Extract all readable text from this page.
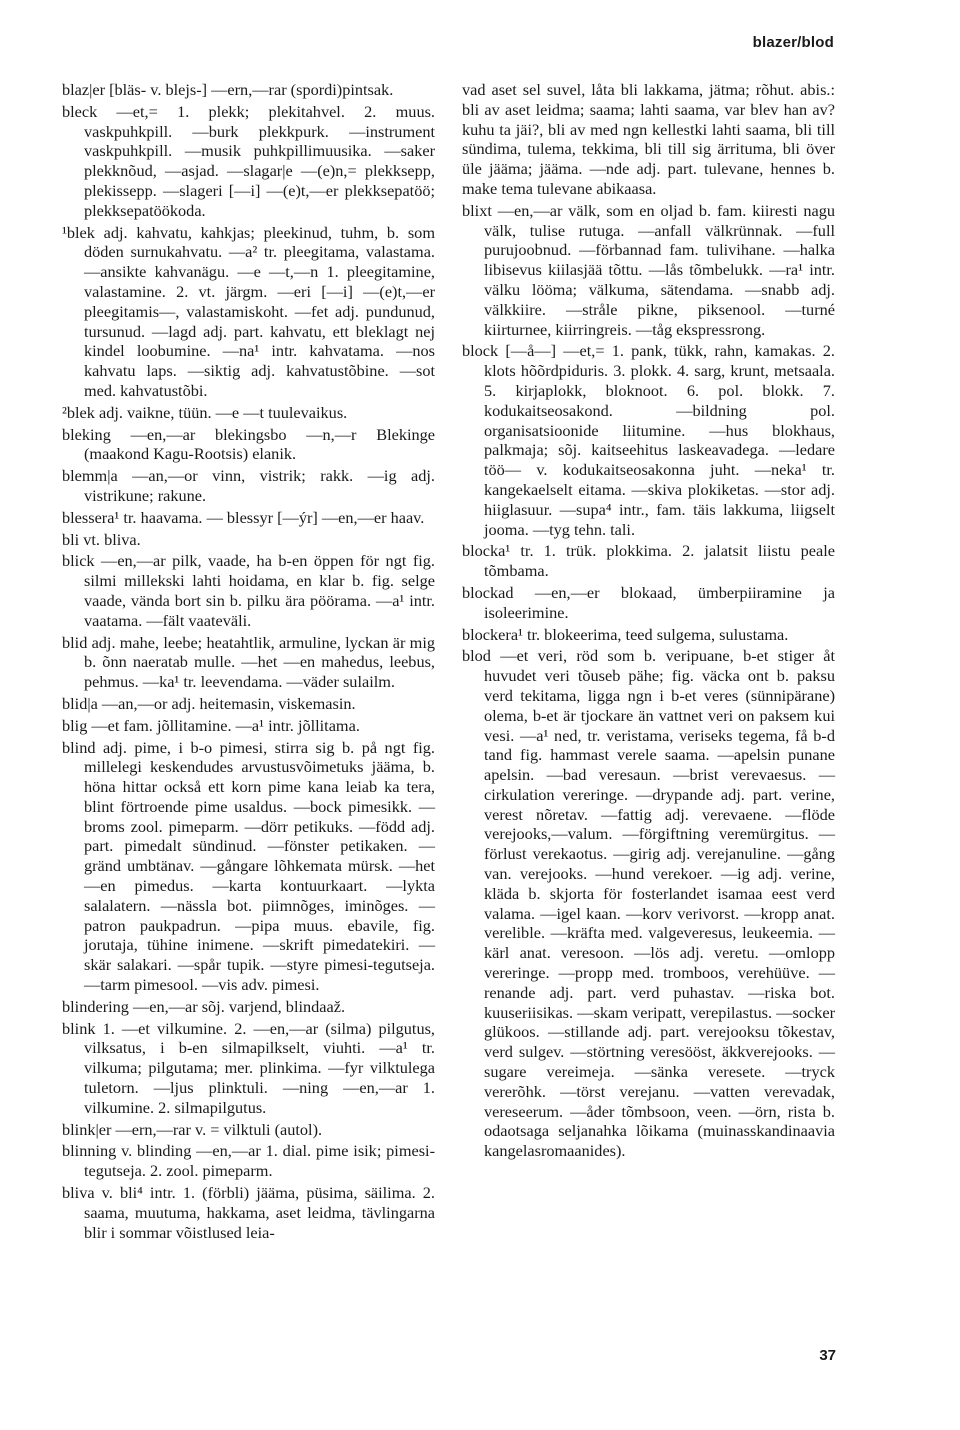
blazer/blod

blaz|er [bläs- v. blejs-] —ern,—rar (spordi)pintsak.

bleck —et,= 1. plekk; plekitahvel. 2. muus. vaskpuhkpill. —burk plekkpurk. —instrument vaskpuhkpill. —musik puhkpillimuusika. —saker plekknõud, —asjad. —slagar|e —(e)n,= plekksepp, plekissepp. —slageri [—i] —(e)t,—er plekksepatöö; plekksepatöökoda.

¹blek adj. kahvatu, kahkjas; pleekinud, tuhm, b. som döden surnukahvatu. —a² tr. pleegitama, valastama. —ansikte kahvanägu. —e —t,—n 1. pleegitamine, valastamine. 2. vt. järgm. —eri [—i] —(e)t,—er pleegitamis—, valastamiskoht. —fet adj. pundunud, tursunud. —lagd adj. part. kahvatu, ett bleklagt nej kindel loobumine. —na¹ intr. kahvatama. —nos kahvatu laps. —siktig adj. kahvatustõbine. —sot med. kahvatustõbi.

²blek adj. vaikne, tüün. —e —t tuulevaikus.

bleking —en,—ar blekingsbo —n,—r Blekinge (maakond Kagu-Rootsis) elanik.

blemm|a —an,—or vinn, vistrik; rakk. —ig adj. vistrikune; rakune.

blessera¹ tr. haavama. — blessyr [—ýr] —en,—er haav.

bli vt. bliva.

blick —en,—ar pilk, vaade, ha b-en öppen för ngt fig. silmi millekski lahti hoidama, en klar b. fig. selge vaade, vända bort sin b. pilku ära pöörama. —a¹ intr. vaatama. —fält vaateväli.

blid adj. mahe, leebe; heatahtlik, armuline, lyckan är mig b. õnn naeratab mulle. —het —en mahedus, leebus, pehmus. —ka¹ tr. leevendama. —väder sulailm.

blid|a —an,—or adj. heitemasin, viskemasin.

blig —et fam. jõllitamine. —a¹ intr. jõllitama.

blind adj. pime, i b-o pimesi, stirra sig b. på ngt fig. millelegi keskendudes arvustusvõimetuks jääma, b. höna hittar också ett korn pime kana leiab ka tera, blint förtroende pime usaldus. —bock pimesikk. —broms zool. pimeparm. —dörr petikuks. —född adj. part. pimedalt sündinud. —fönster petikaken. —gränd umbtänav. —gångare lõhkemata mürsk. —het —en pimedus. —karta kontuurkaart. —lykta salalatern. —nässla bot. piimnõges, iminõges. —patron paukpadrun. —pipa muus. ebavile, fig. jorutaja, tühine inimene. —skrift pimedatekiri. —skär salakari. —spår tupik. —styre pimesi-tegutseja. —tarm pimesool. —vis adv. pimesi.

blindering —en,—ar sõj. varjend, blindaaž.

blink 1. —et vilkumine. 2. —en,—ar (silma) pilgutus, vilksatus, i b-en silmapilkselt, viuhti. —a¹ tr. vilkuma; pilgutama; mer. plinkima. —fyr vilktulega tuletorn. —ljus plinktuli. —ning —en,—ar 1. vilkumine. 2. silmapilgutus.

blink|er —ern,—rar v. = vilktuli (autol).

blinning v. blinding —en,—ar 1. dial. pime isik; pimesi-tegutseja. 2. zool. pimeparm.

bliva v. bli⁴ intr. 1. (förbli) jääma, püsima, säilima. 2. saama, muutuma, hakkama, aset leidma, tävlingarna blir i sommar võistlused leia-

vad aset sel suvel, låta bli lakkama, jätma; rõhut. abis.: bli av aset leidma; saama; lahti saama, var blev han av? kuhu ta jäi?, bli av med ngn kellestki lahti saama, bli till sündima, tulema, tekkima, bli till sig ärrituma, bli över üle jääma; jääma. —nde adj. part. tulevane, hennes b. make tema tulevane abikaasa.

blixt —en,—ar välk, som en oljad b. fam. kiiresti nagu välk, tulise rutuga. —anfall välkrünnak. —full purujoobnud. —förbannad fam. tulivihane. —halka libisevus kiilasjää tõttu. —lås tõmbelukk. —ra¹ intr. välku lööma; välkuma, sätendama. —snabb adj. välkkiire. —stråle pikne, piksenool. —turné kiirturnee, kiirringreis. —tåg ekspressrong.

block [—å—] —et,= 1. pank, tükk, rahn, kamakas. 2. klots hõõrdpiduris. 3. plokk. 4. sarg, krunt, metsaala. 5. kirjaplokk, bloknoot. 6. pol. blokk. 7. kodukaitseosakond. —bildning pol. organisatsioonide liitumine. —hus blokhaus, palkmaja; sõj. kaitseehitus laskeavadega. —ledare töö— v. kodukaitseosakonna juht. —neka¹ tr. kangekaelselt eitama. —skiva plokiketas. —stor adj. hiiglasuur. —supa⁴ intr., fam. täis lakkuma, liigselt jooma. —tyg tehn. tali.

blocka¹ tr. 1. trük. plokkima. 2. jalatsit liistu peale tõmbama.

blockad —en,—er blokaad, ümberpiiramine ja isoleerimine.

blockera¹ tr. blokeerima, teed sulgema, sulustama.

blod —et veri, röd som b. veripuane, b-et stiger åt huvudet veri tõuseb pähe; fig. väcka ont b. paksu verd tekitama, ligga ngn i b-et veres (sünnipärane) olema, b-et är tjockare än vattnet veri on paksem kui vesi. —a¹ ned, tr. veristama, veriseks tegema, få b-d tand fig. hammast verele saama. —apelsin punane apelsin. —bad veresaun. —brist verevaesus. —cirkulation vereringe. —drypande adj. part. verine, verest nõretav. —fattig adj. verevaene. —flöde verejooks,—valum. —förgiftning veremürgitus. —förlust verekaotus. —girig adj. verejanuline. —gång van. verejooks. —hund verekoer. —ig adj. verine, kläda b. skjorta för fosterlandet isamaa eest verd valama. —igel kaan. —korv verivorst. —kropp anat. verelible. —kräfta med. valgeveresus, leukeemia. —kärl anat. veresoon. —lös adj. veretu. —omlopp vereringe. —propp med. tromboos, verehüüve. —renande adj. part. verd puhastav. —riska bot. kuuseriisikas. —skam veripatt, verepilastus. —socker glükoos. —stillande adj. part. verejooksu tõkestav, verd sulgev. —störtning veresööst, äkkverejooks. —sugare vereimeja. —sänka veresete. —tryck vererõhk. —törst verejanu. —vatten verevadak, vereseerum. —åder tõmbsoon, veen. —örn, rista b. odaotsaga seljanahka lõikama (muinasskandinaavia kangelasromaanides).

37
